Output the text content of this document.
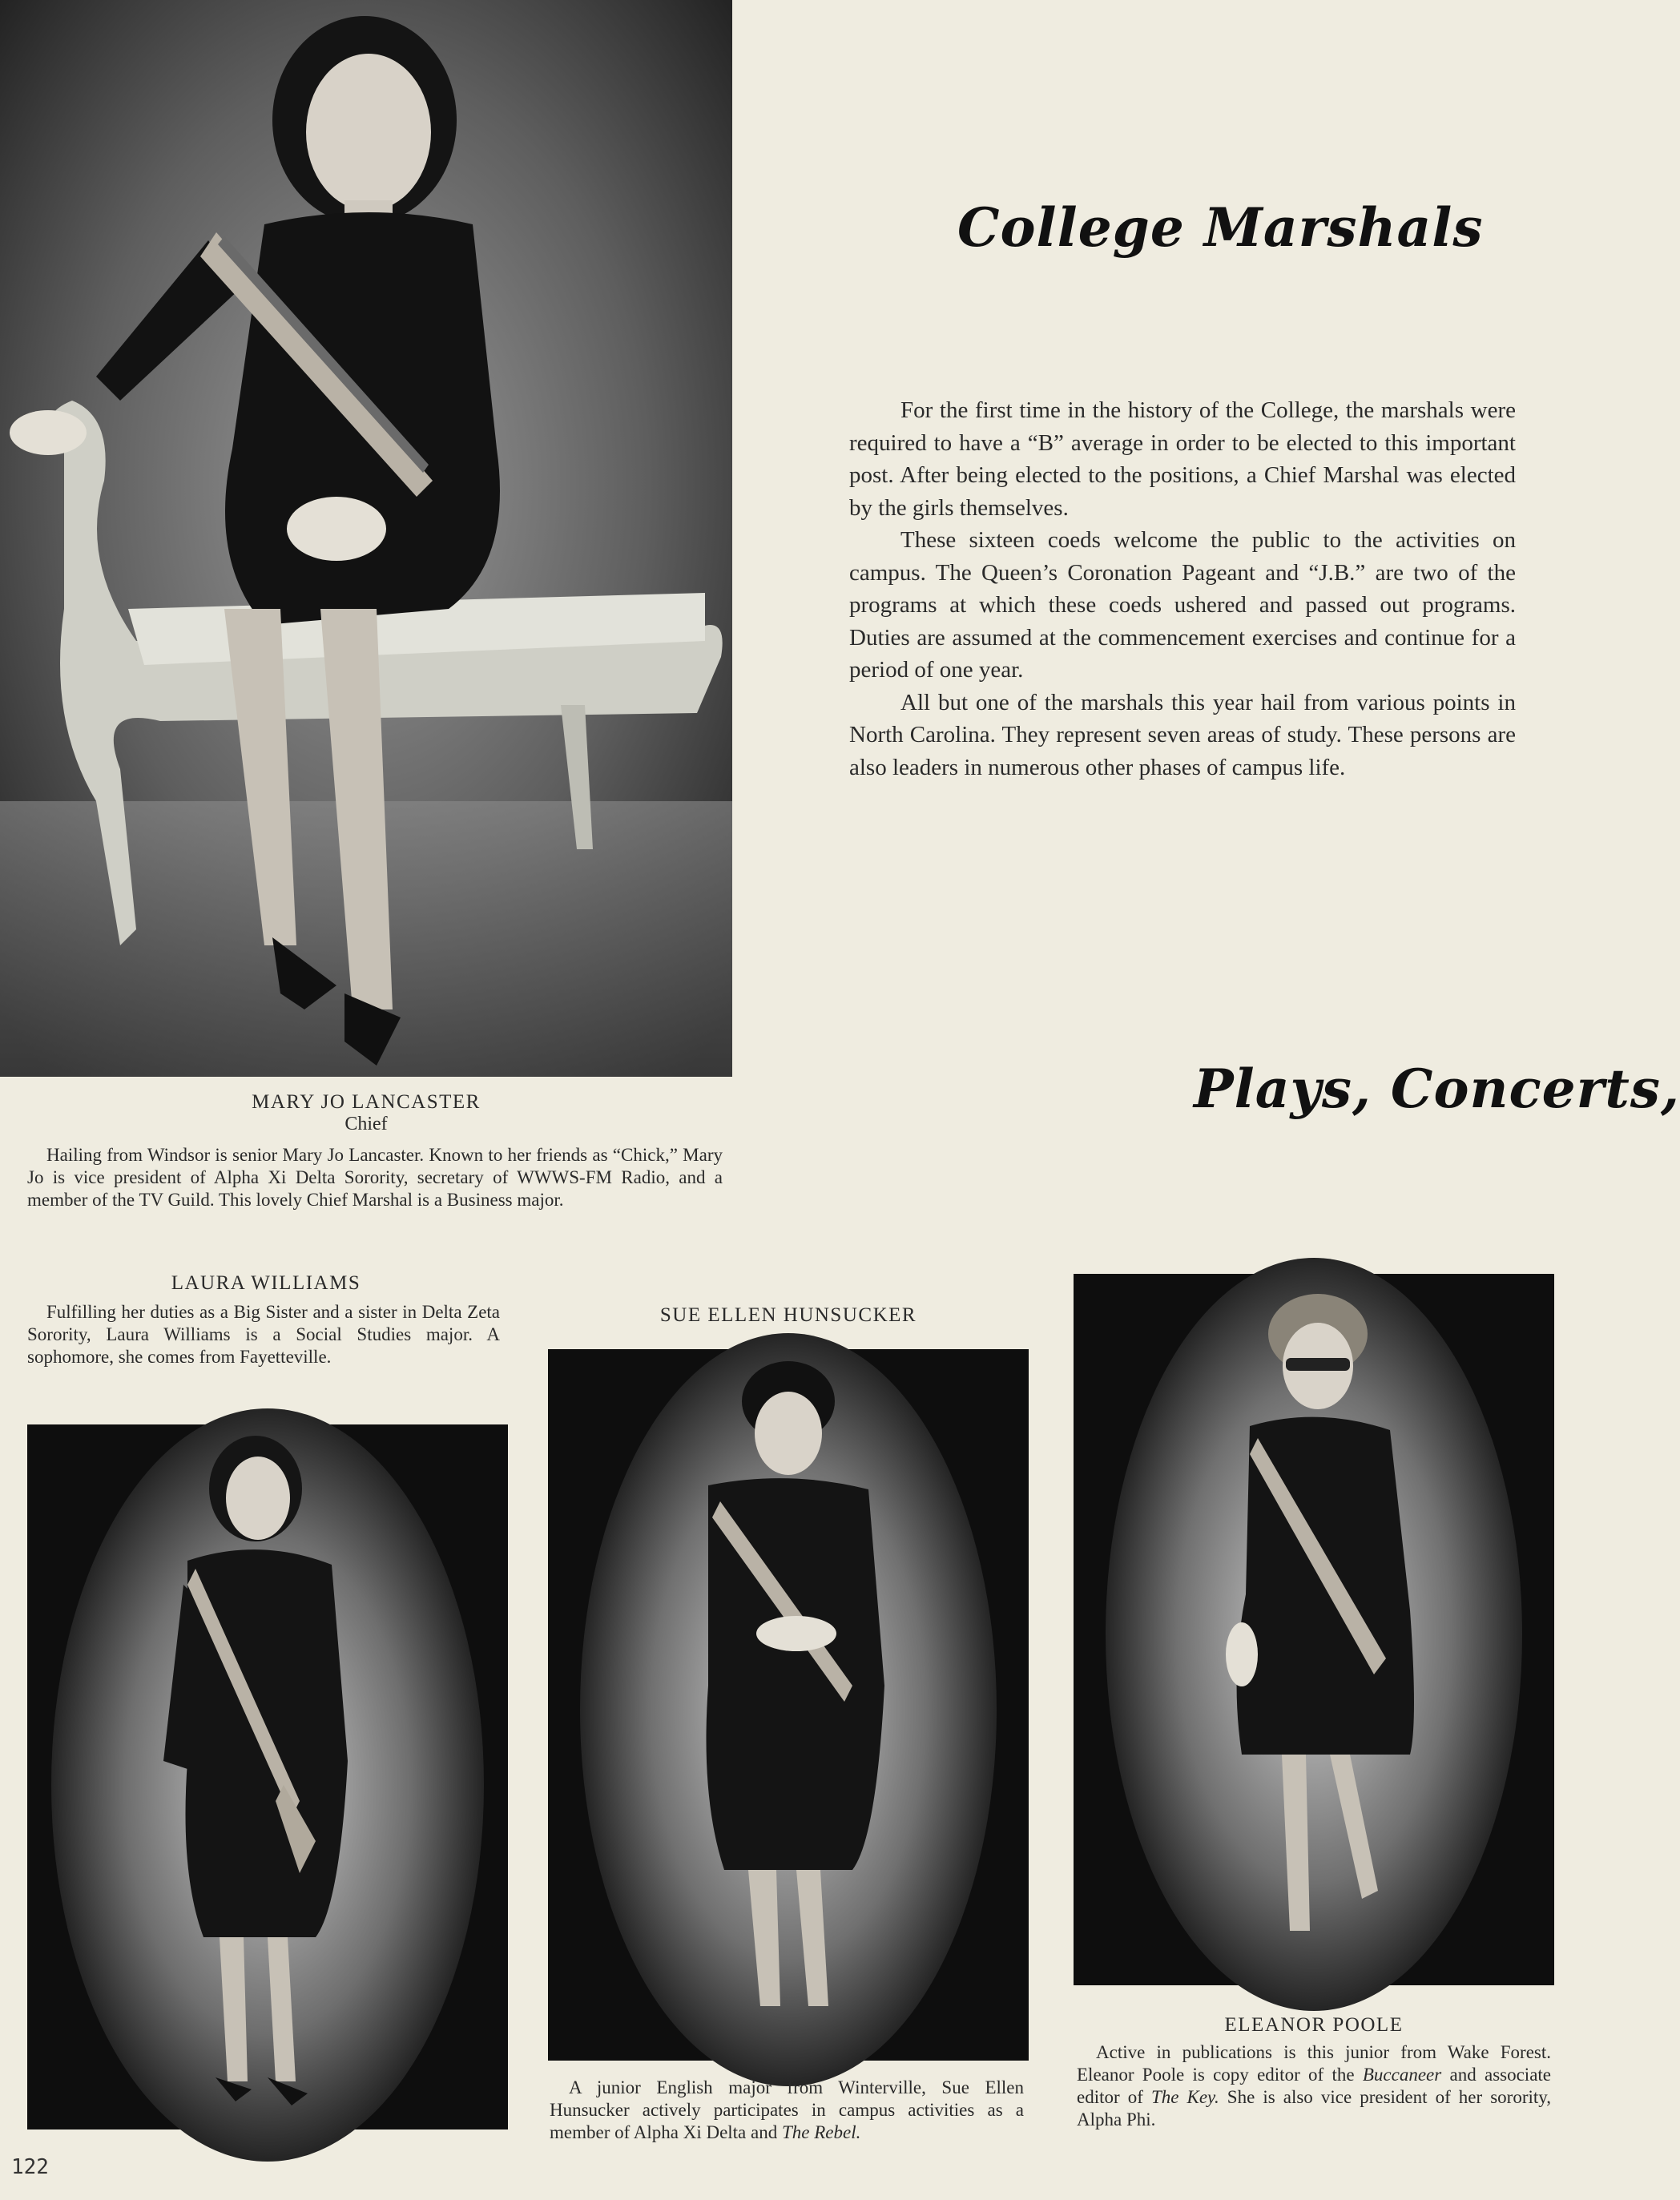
College Marshals

For the first time in the history of the College, the marshals were required to have a “B” average in order to be elected to this important post. After being elected to the positions, a Chief Marshal was elected by the girls themselves.

These sixteen coeds welcome the public to the activities on campus. The Queen’s Coronation Pageant and “J.B.” are two of the programs at which these coeds ushered and passed out programs. Duties are assumed at the commencement exercises and continue for a period of one year.

All but one of the marshals this year hail from various points in North Carolina. They represent seven areas of study. These persons are also leaders in numerous other phases of campus life.

Plays, Concerts,
MARY JO LANCASTER
Chief

Hailing from Windsor is senior Mary Jo Lancaster. Known to her friends as “Chick,” Mary Jo is vice president of Alpha Xi Delta Sorority, secretary of WWWS-FM Radio, and a member of the TV Guild. This lovely Chief Marshal is a Business major.

LAURA WILLIAMS

Fulfilling her duties as a Big Sister and a sister in Delta Zeta Sorority, Laura Williams is a Social Studies major. A sophomore, she comes from Fayetteville.

SUE ELLEN HUNSUCKER

A junior English major from Winterville, Sue Ellen Hunsucker actively participates in campus activities as a member of Alpha Xi Delta and The Rebel.

ELEANOR POOLE

Active in publications is this junior from Wake Forest. Eleanor Poole is copy editor of the Buccaneer and associate editor of The Key. She is also vice president of her sorority, Alpha Phi.

122
